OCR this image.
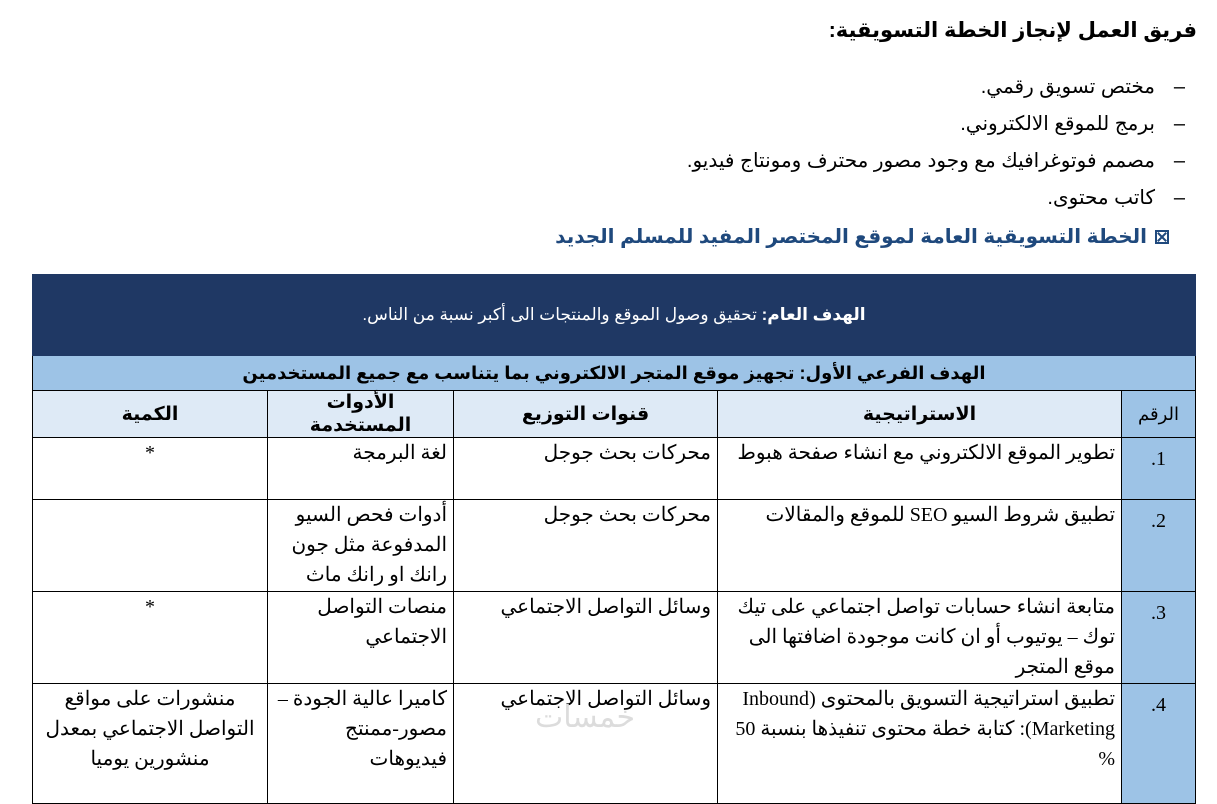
فريق العمل لإنجاز الخطة التسويقية:
–
مختص تسويق رقمي.
–
برمج للموقع الالكتروني.
–
مصمم فوتوغرافيك مع وجود مصور محترف ومونتاج فيديو.
–
كاتب محتوى.
الخطة التسويقية العامة لموقع المختصر المفيد للمسلم الجديد
الهدف العام: تحقيق وصول الموقع والمنتجات الى أكبر نسبة من الناس.				
الهدف الفرعي الأول: تجهيز موقع المتجر الالكتروني بما يتناسب مع جميع المستخدمين				
الرقم	الاستراتيجية	قنوات التوزيع	الأدوات المستخدمة	الكمية
1.	تطوير الموقع الالكتروني مع انشاء صفحة هبوط	محركات بحث جوجل	لغة البرمجة	*
2.	تطبيق شروط السيو SEO للموقع والمقالات	محركات بحث جوجل	أدوات فحص السيو المدفوعة مثل جون رانك او رانك ماث	
3.	متابعة انشاء حسابات تواصل اجتماعي على تيك توك – يوتيوب أو ان كانت موجودة اضافتها الى موقع المتجر	وسائل التواصل الاجتماعي	منصات التواصل الاجتماعي	*
4.	تطبيق استراتيجية التسويق بالمحتوى (Inbound Marketing): كتابة خطة محتوى تنفيذها بنسبة 50 %	وسائل التواصل الاجتماعي	كاميرا عالية الجودة – مصور-ممنتج فيديوهات	منشورات على مواقع التواصل الاجتماعي بمعدل منشورين يوميا
خمسات
